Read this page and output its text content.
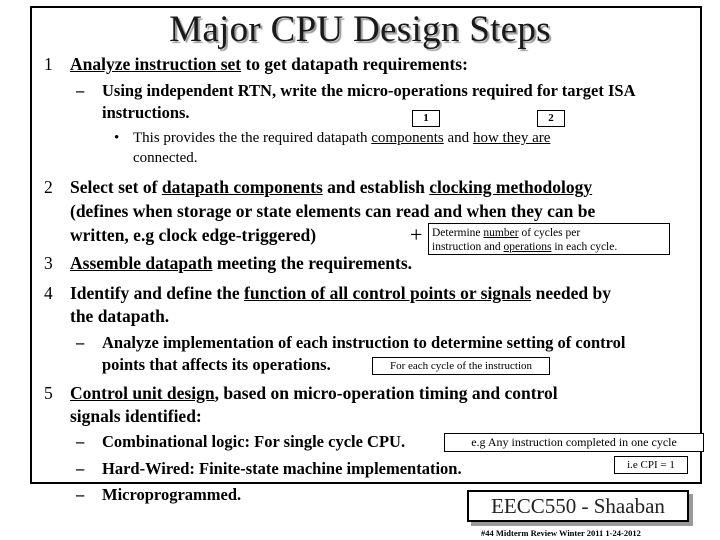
Major CPU Design Steps
1 Analyze instruction set to get datapath requirements:
– Using independent RTN, write the micro-operations required for target ISA
instructions.	1	2
• This provides the the required datapath components and how they are
connected.
2 Select set of datapath components and establish clocking methodology
(defines when storage or state elements can read and when they can be
written, e.g clock edge-triggered)	+ Determine number of cycles per
instruction and operations in each cycle.
3 Assemble datapath meeting the requirements.
4 Identify and define the function of all control points or signals needed by
the datapath.
– Analyze implementation of each instruction to determine setting of control
points that affects its operations.	For each cycle of the instruction
5 Control unit design, based on micro-operation timing and control
signals identified:
– Combinational logic: For single cycle CPU.	e.g Any instruction completed in one cycle
– Hard-Wired: Finite-state machine implementation.	i.e CPI = 1
– Microprogrammed.	EECC550 - Shaaban
#44 Midterm Review Winter 2011 1-24-2012
